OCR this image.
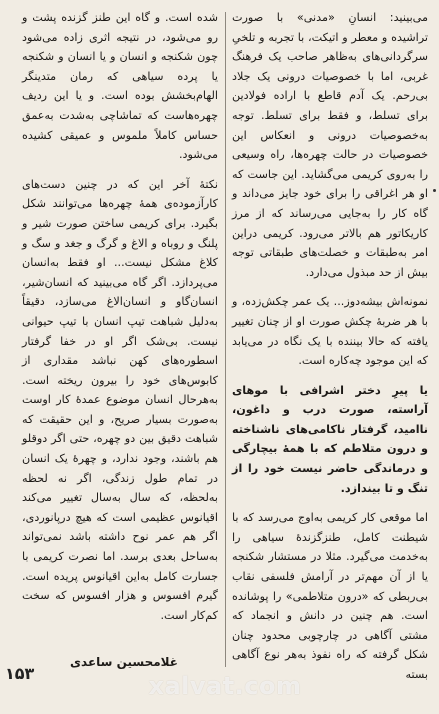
می‌بینید: انسانِ «مدنی» با صورت تراشیده و معطر و اتیکت، با تجربه و تلخیِ سرگردانی‌های به‌ظاهر صاحب یک فرهنگ غربی، اما با خصوصیات درونی یک جلاد بی‌رحم. یک آدم قاطع با اراده فولادین برای تسلط، و فقط برای تسلط. توجه به‌خصوصیات درونی و انعکاس این خصوصیات در حالت چهره‌ها، راه وسیعی را به‌روی کریمی می‌گشاید. این جاست که او هر اغراقی را برای خود جایز می‌داند و گاه کار را به‌جایی می‌رساند که از مرز کاریکاتور هم بالاتر می‌رود. کریمی دراین امر به‌طبقات و خصلت‌های طبقاتی توجه بیش از حد مبذول می‌دارد.

نمونه‌اش بیشه‌دوز... یک عمر چکش‌زده، و با هر ضربهٔ چکش صورت او از چنان تغییر یافته که حالا بیننده با یک نگاه در می‌یابد که این موجود چه‌کاره است.

یا پیرِ دختر اشرافی با موهای آراسته، صورت درب و داغون، ناامید، گرفتار ناکامی‌های ناشناخته و درون متلاطم که با همهٔ بیچارگی و درماندگی حاضر نیست خود را از تنگ و تا بیندازد.

اما موقعی کار کریمی به‌اوج می‌رسد که با شیطنت کامل، طنزگزندهٔ سیاهی را به‌خدمت می‌گیرد. مثلا در مستشار شکنجه یا از آن مهم‌تر در آرامش فلسفی نقاب بی‌ربطی که «درون متلاطمی» را پوشانده است. هم چنین در دانش و انجماد که مشتی آگاهی در چارچوبی محدود چنان شکل گرفته که راه نفوذ به‌هر نوع آگاهی بسته

شده است. و گاه این طنز گزنده پشت و رو می‌شود، در نتیجه اثری زاده می‌شود چون شکنجه و انسان و یا انسان و شکنجه یا پرده سیاهی که رمان متدینگر الهام‌بخشش بوده است. و یا این ردیف چهره‌هاست که تماشاچی به‌شدت به‌عمق حساس کاملاً ملموس و عمیقی کشیده می‌شود.

نکتهٔ آخر این که در چنین دست‌های کارآزموده‌ی همهٔ چهره‌ها می‌توانند شکل بگیرد. برای کریمی ساختن صورت شیر و پلنگ و روباه و الاغ و گرگ و جغد و سگ و کلاغ مشکل نیست... او فقط به‌انسان می‌پردازد. اگر گاه می‌بینید که انسان‌شیر، انسان‌گاو و انسان‌الاغ می‌سازد، دقیقاً به‌دلیل شباهت تیپ انسان با تیپ حیوانی نیست. بی‌شک اگر او در خفا گرفتار اسطوره‌های کهن نباشد مقداری از کابوس‌های خود را بیرون ریخته است. به‌هرحال انسان موضوع عمدهٔ کار اوست به‌صورت بسیار صریح، و این حقیقت که شباهت دقیق بین دو چهره، حتی اگر دوقلو هم باشند، وجود ندارد، و چهرهٔ یک انسان در تمام طول زندگی، اگر نه لحظه به‌لحظه، که سال به‌سال تغییر می‌کند اقیانوس عظیمی است که هیچ درپانوردی، اگر هم عمر نوح داشته باشد نمی‌تواند به‌ساحل بعدی برسد. اما نصرت کریمی با جسارت کامل به‌این اقیانوس پریده است. گیرم افسوس و هزار افسوس که سخت کم‌کار است.

غلامحسین ساعدی
۱۵۳	xalvat.com
